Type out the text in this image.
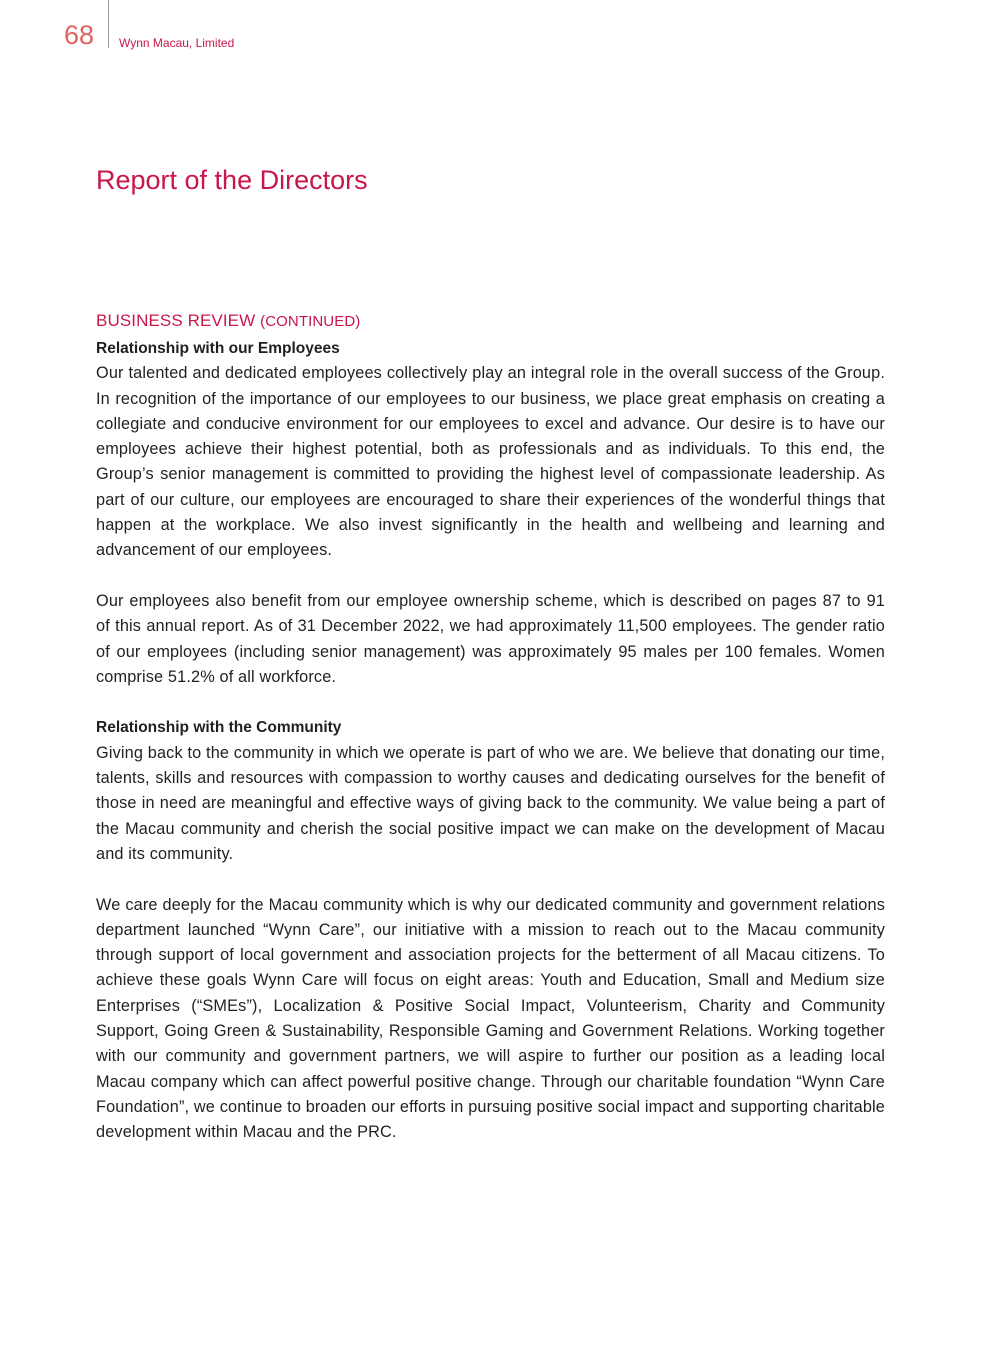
68 Wynn Macau, Limited
Report of the Directors
BUSINESS REVIEW (CONTINUED)
Relationship with our Employees

Our talented and dedicated employees collectively play an integral role in the overall success of the Group. In recognition of the importance of our employees to our business, we place great emphasis on creating a collegiate and conducive environment for our employees to excel and advance. Our desire is to have our employees achieve their highest potential, both as professionals and as individuals. To this end, the Group’s senior management is committed to providing the highest level of compassionate leadership. As part of our culture, our employees are encouraged to share their experiences of the wonderful things that happen at the workplace. We also invest significantly in the health and wellbeing and learning and advancement of our employees.

Our employees also benefit from our employee ownership scheme, which is described on pages 87 to 91 of this annual report. As of 31 December 2022, we had approximately 11,500 employees. The gender ratio of our employees (including senior management) was approximately 95 males per 100 females. Women comprise 51.2% of all workforce.

Relationship with the Community

Giving back to the community in which we operate is part of who we are. We believe that donating our time, talents, skills and resources with compassion to worthy causes and dedicating ourselves for the benefit of those in need are meaningful and effective ways of giving back to the community. We value being a part of the Macau community and cherish the social positive impact we can make on the development of Macau and its community.

We care deeply for the Macau community which is why our dedicated community and government relations department launched “Wynn Care”, our initiative with a mission to reach out to the Macau community through support of local government and association projects for the betterment of all Macau citizens. To achieve these goals Wynn Care will focus on eight areas: Youth and Education, Small and Medium size Enterprises (“SMEs”), Localization & Positive Social Impact, Volunteerism, Charity and Community Support, Going Green & Sustainability, Responsible Gaming and Government Relations. Working together with our community and government partners, we will aspire to further our position as a leading local Macau company which can affect powerful positive change. Through our charitable foundation “Wynn Care Foundation”, we continue to broaden our efforts in pursuing positive social impact and supporting charitable development within Macau and the PRC.
